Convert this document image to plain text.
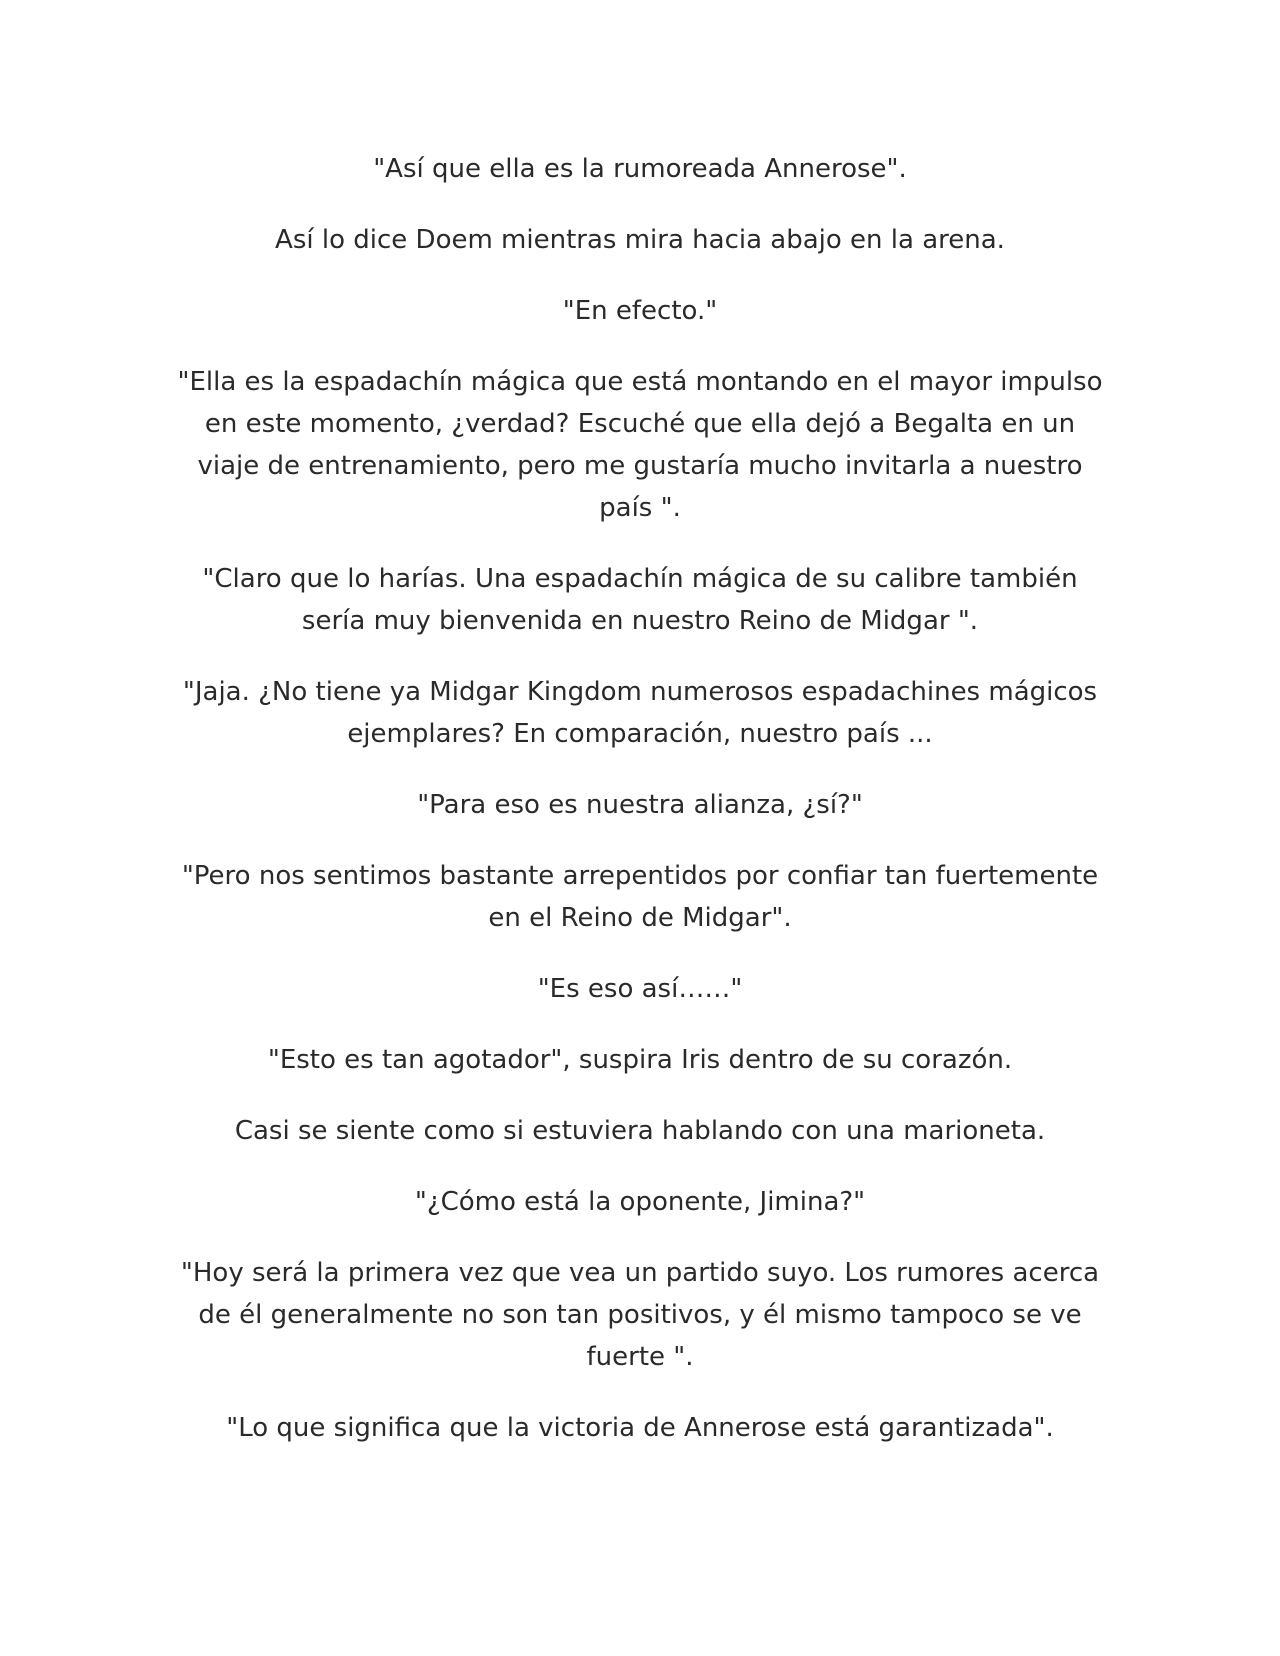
"Así que ella es la rumoreada Annerose".

Así lo dice Doem mientras mira hacia abajo en la arena.

"En efecto."

"Ella es la espadachín mágica que está montando en el mayor impulso en este momento, ¿verdad? Escuché que ella dejó a Begalta en un viaje de entrenamiento, pero me gustaría mucho invitarla a nuestro país ".

"Claro que lo harías. Una espadachín mágica de su calibre también sería muy bienvenida en nuestro Reino de Midgar ".

"Jaja. ¿No tiene ya Midgar Kingdom numerosos espadachines mágicos ejemplares? En comparación, nuestro país ...

"Para eso es nuestra alianza, ¿sí?"

"Pero nos sentimos bastante arrepentidos por confiar tan fuertemente en el Reino de Midgar".

"Es eso así……"

"Esto es tan agotador", suspira Iris dentro de su corazón.

Casi se siente como si estuviera hablando con una marioneta.

"¿Cómo está la oponente, Jimina?"

"Hoy será la primera vez que vea un partido suyo. Los rumores acerca de él generalmente no son tan positivos, y él mismo tampoco se ve fuerte ".

"Lo que significa que la victoria de Annerose está garantizada".
